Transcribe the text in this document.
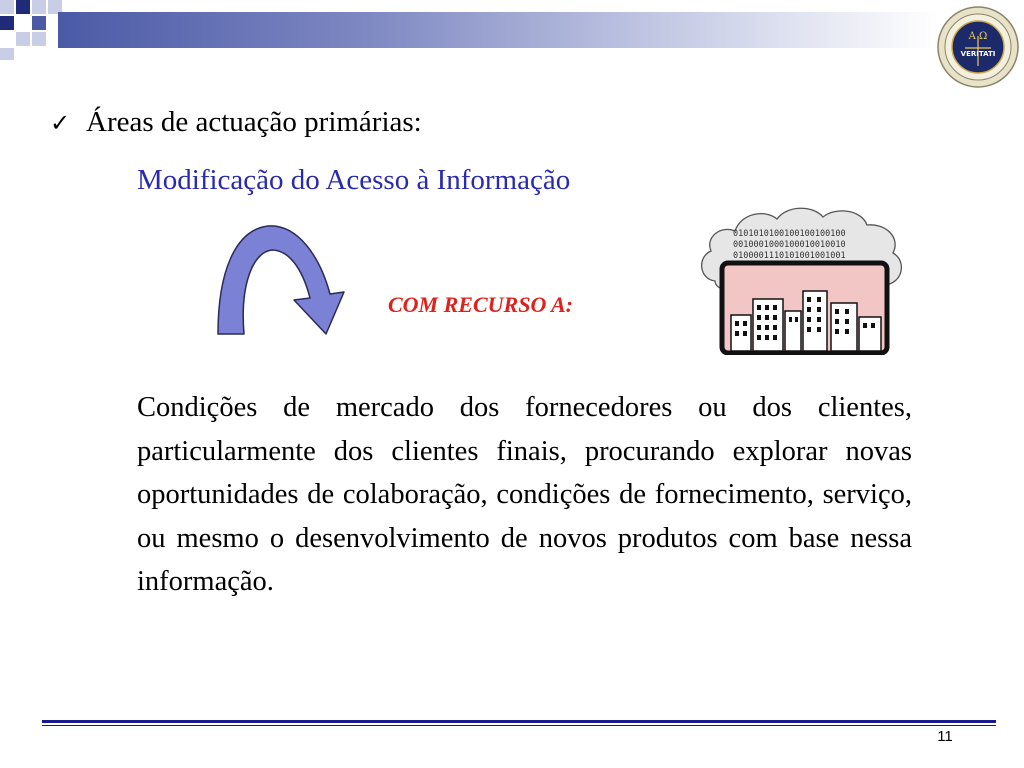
A Ω
VERITATI
✓ Áreas de actuação primárias:
Modificação do Acesso à Informação
COM RECURSO A:
0101010100100100100100
0010001000100010010010
0100001110101001001001
Condições de mercado dos fornecedores ou dos clientes, particularmente dos clientes finais, procurando explorar novas oportunidades de colaboração, condições de fornecimento, serviço, ou mesmo o desenvolvimento de novos produtos com base nessa informação.
11
